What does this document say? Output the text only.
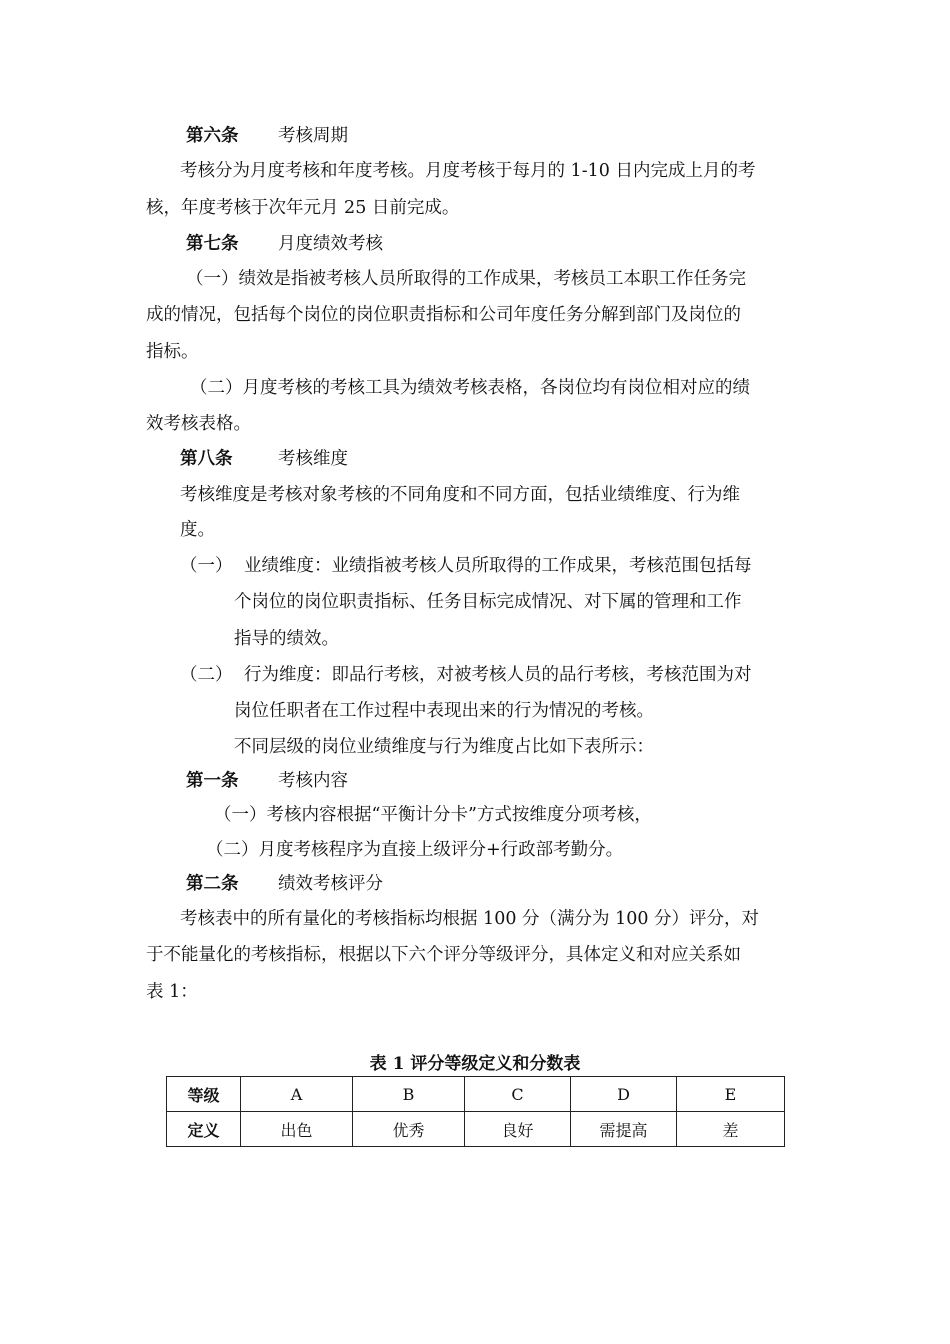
第六条 考核周期
考核分为月度考核和年度考核。月度考核于每月的 1-10 日内完成上月的考
核，年度考核于次年元月 25 日前完成。
第七条 月度绩效考核
（一）绩效是指被考核人员所取得的工作成果，考核员工本职工作任务完
成的情况，包括每个岗位的岗位职责指标和公司年度任务分解到部门及岗位的
指标。
（二）月度考核的考核工具为绩效考核表格，各岗位均有岗位相对应的绩
效考核表格。
第八条	考核维度
考核维度是考核对象考核的不同角度和不同方面，包括业绩维度、行为维
度。
（一） 业绩维度：业绩指被考核人员所取得的工作成果，考核范围包括每
个岗位的岗位职责指标、任务目标完成情况、对下属的管理和工作
指导的绩效。
（二） 行为维度：即品行考核，对被考核人员的品行考核，考核范围为对
岗位任职者在工作过程中表现出来的行为情况的考核。
不同层级的岗位业绩维度与行为维度占比如下表所示：
第一条 考核内容
（一）考核内容根据“平衡计分卡”方式按维度分项考核，
（二）月度考核程序为直接上级评分+行政部考勤分。
第二条 绩效考核评分
考核表中的所有量化的考核指标均根据 100 分（满分为 100 分）评分，对
于不能量化的考核指标，根据以下六个评分等级评分，具体定义和对应关系如
表 1：
表 1 评分等级定义和分数表
等级	A	B	C	D	E
定义	出色	优秀	良好	需提高	差
